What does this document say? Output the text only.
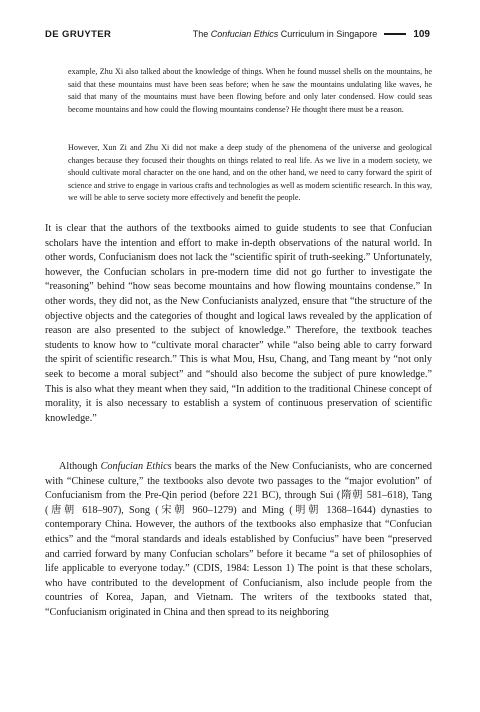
DE GRUYTER	The Confucian Ethics Curriculum in Singapore	109

example, Zhu Xi also talked about the knowledge of things. When he found mussel shells on the mountains, he said that these mountains must have been seas before; when he saw the mountains undulating like waves, he said that many of the mountains must have been flowing before and only later condensed. How could seas become mountains and how could the flowing mountains condense? He thought there must be a reason.

However, Xun Zi and Zhu Xi did not make a deep study of the phenomena of the universe and geological changes because they focused their thoughts on things related to real life. As we live in a modern society, we should cultivate moral character on the one hand, and on the other hand, we need to carry forward the spirit of science and strive to engage in various crafts and technologies as well as modern scientific research. In this way, we will be able to serve society more effectively and benefit the people.

It is clear that the authors of the textbooks aimed to guide students to see that Confucian scholars have the intention and effort to make in-depth observations of the natural world. In other words, Confucianism does not lack the “scientific spirit of truth-seeking.” Unfortunately, however, the Confucian scholars in pre-modern time did not go further to investigate the “reasoning” behind “how seas become mountains and how flowing mountains condense.” In other words, they did not, as the New Confucianists analyzed, ensure that “the structure of the objective objects and the categories of thought and logical laws revealed by the application of reason are also presented to the subject of knowledge.” Therefore, the textbook teaches students to know how to “cultivate moral character” while “also being able to carry forward the spirit of scientific research.” This is what Mou, Hsu, Chang, and Tang meant by “not only seek to become a moral subject” and “should also become the subject of pure knowledge.” This is also what they meant when they said, “In addition to the traditional Chinese concept of morality, it is also necessary to establish a system of continuous preservation of scientific knowledge.”

Although Confucian Ethics bears the marks of the New Confucianists, who are concerned with “Chinese culture,” the textbooks also devote two passages to the “major evolution” of Confucianism from the Pre-Qin period (before 221 BC), through Sui (隋朝 581–618), Tang (唐朝 618–907), Song (宋朝 960–1279) and Ming (明朝 1368–1644) dynasties to contemporary China. However, the authors of the textbooks also emphasize that “Confucian ethics” and the “moral standards and ideals established by Confucius” have been “preserved and carried forward by many Confucian scholars” before it became “a set of philosophies of life applicable to everyone today.” (CDIS, 1984: Lesson 1) The point is that these scholars, who have contributed to the development of Confucianism, also include people from the countries of Korea, Japan, and Vietnam. The writers of the textbooks stated that, “Confucianism originated in China and then spread to its neighboring
